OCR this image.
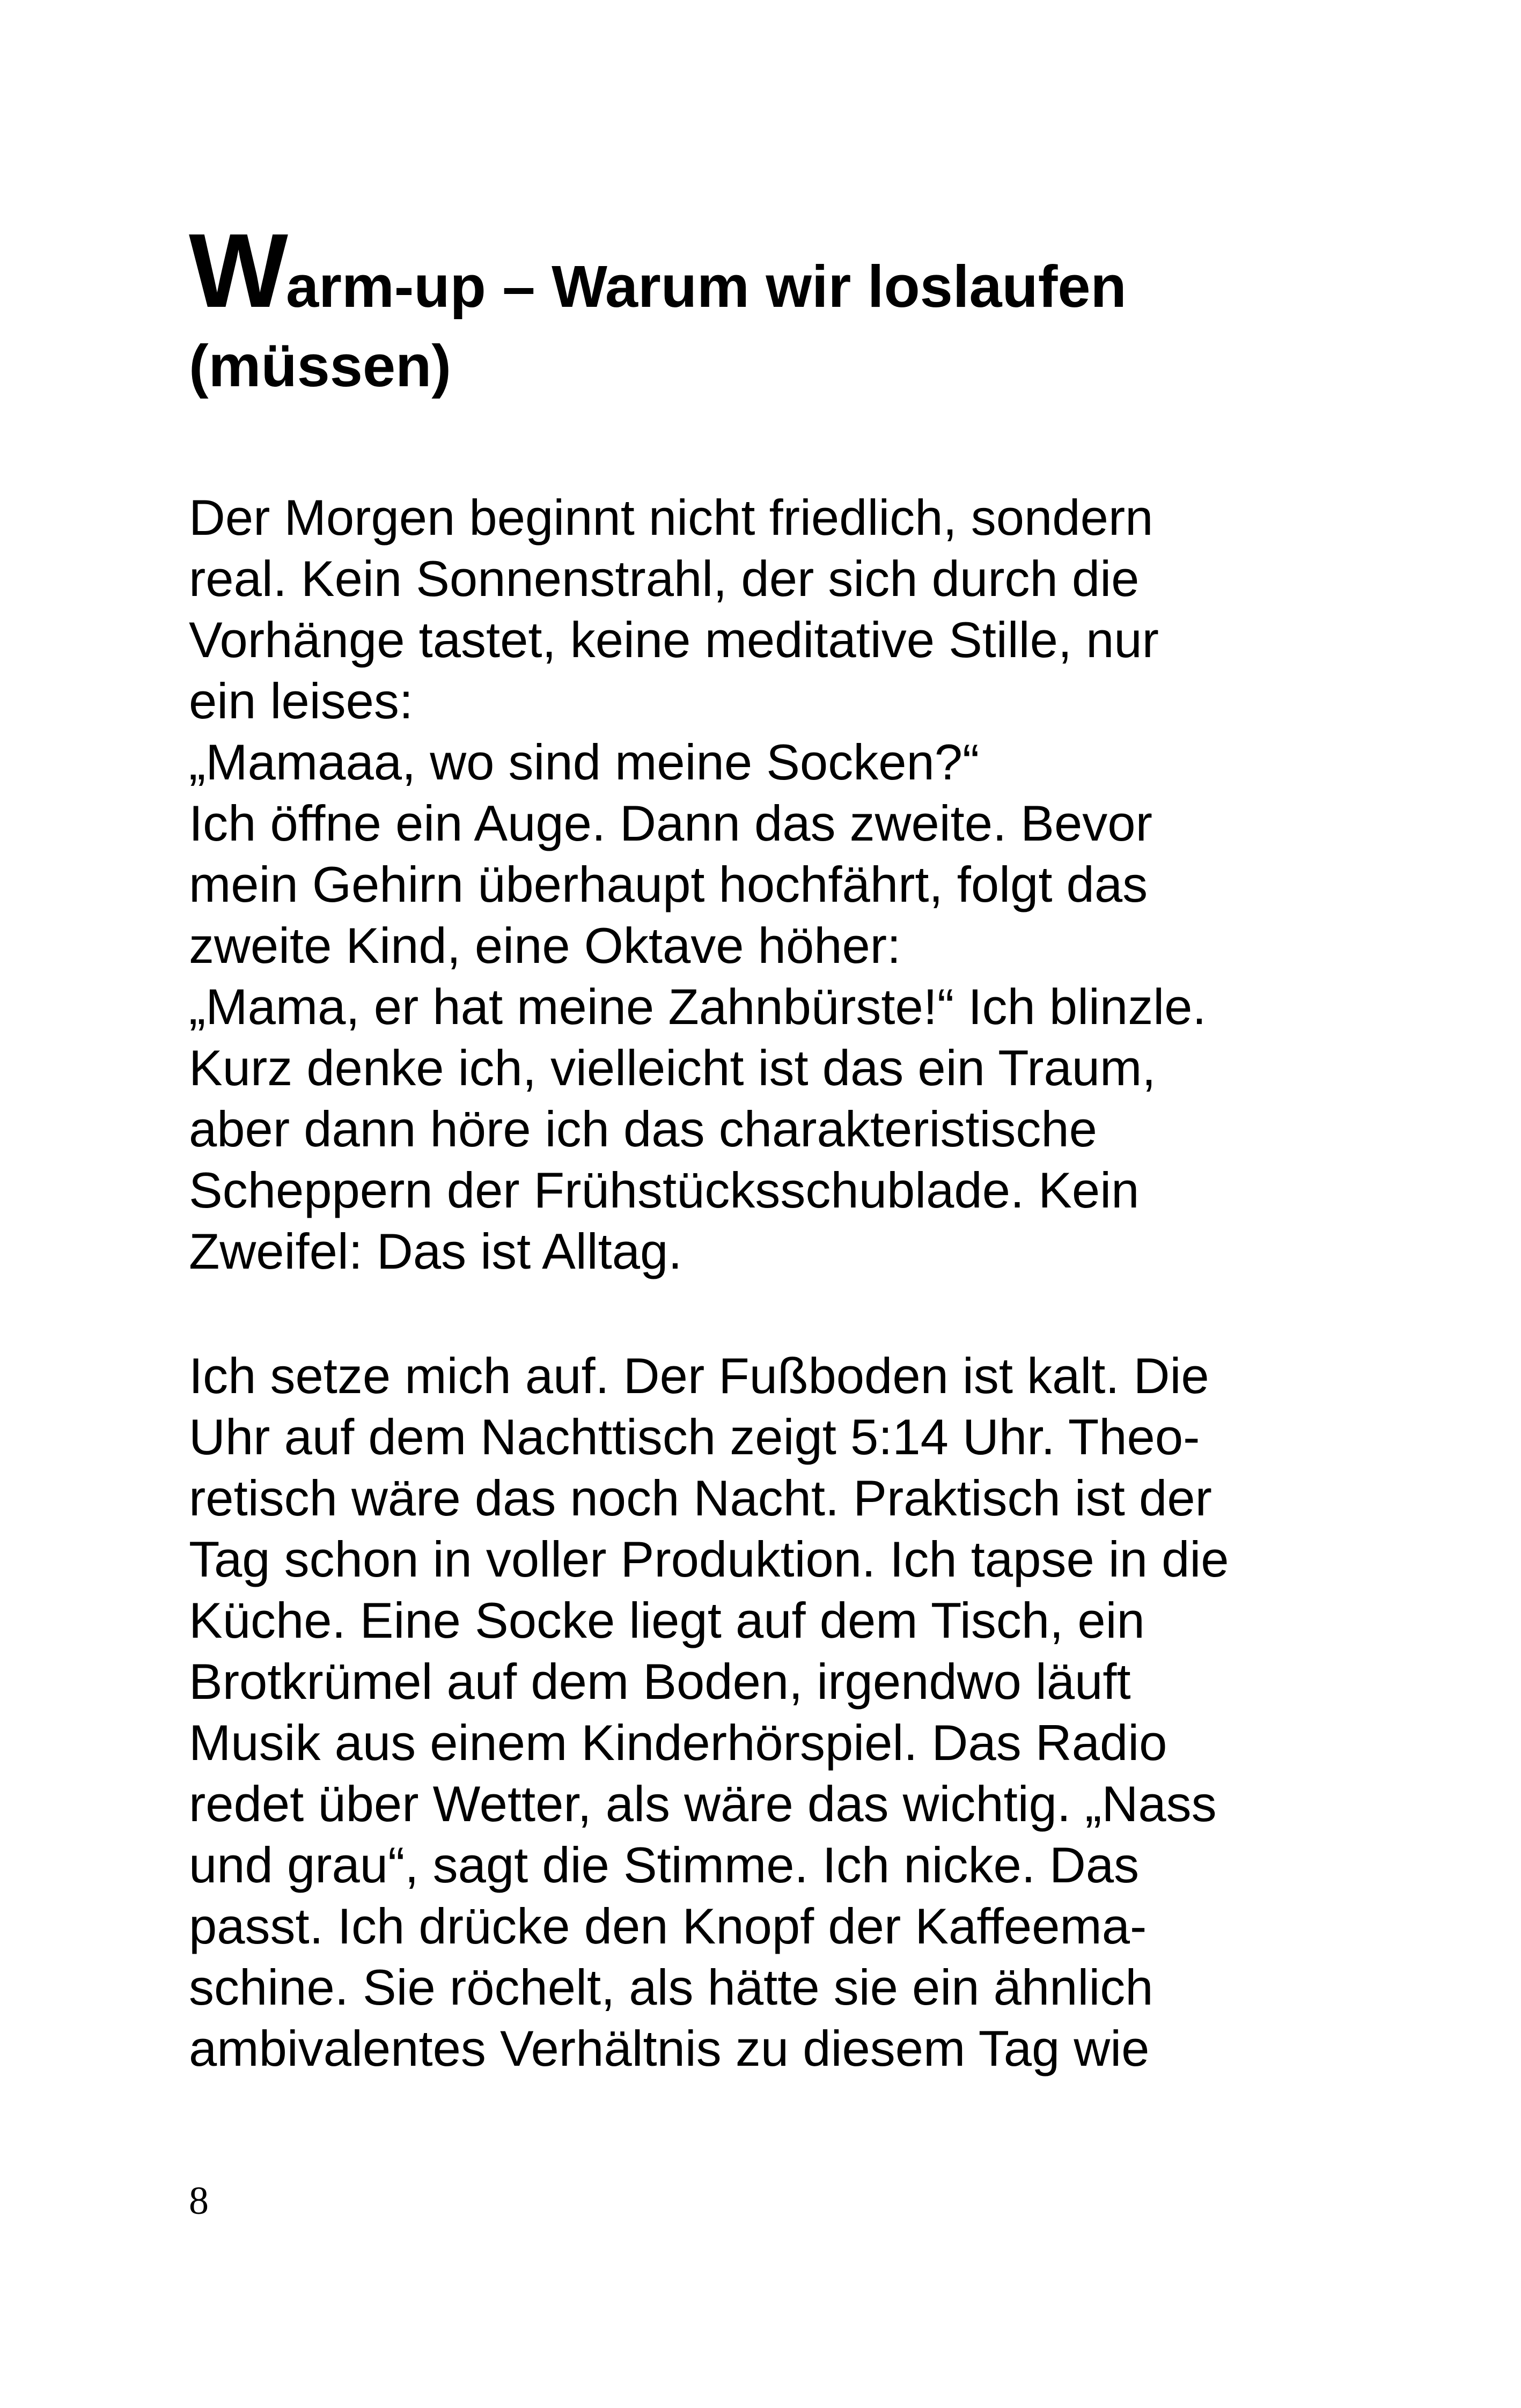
Warm-up – Warum wir loslaufen
(müssen)
Der Morgen beginnt nicht friedlich, sondern
real. Kein Sonnenstrahl, der sich durch die
Vorhänge tastet, keine meditative Stille, nur
ein leises:
„Mamaaa, wo sind meine Socken?“
Ich öffne ein Auge. Dann das zweite. Bevor
mein Gehirn überhaupt hochfährt, folgt das
zweite Kind, eine Oktave höher:
„Mama, er hat meine Zahnbürste!“ Ich blinzle.
Kurz denke ich, vielleicht ist das ein Traum,
aber dann höre ich das charakteristische
Scheppern der Frühstücksschublade. Kein
Zweifel: Das ist Alltag.
Ich setze mich auf. Der Fußboden ist kalt. Die
Uhr auf dem Nachttisch zeigt 5:14 Uhr. Theo-
retisch wäre das noch Nacht. Praktisch ist der
Tag schon in voller Produktion. Ich tapse in die
Küche. Eine Socke liegt auf dem Tisch, ein
Brotkrümel auf dem Boden, irgendwo läuft
Musik aus einem Kinderhörspiel. Das Radio
redet über Wetter, als wäre das wichtig. „Nass
und grau“, sagt die Stimme. Ich nicke. Das
passt. Ich drücke den Knopf der Kaffeema-
schine. Sie röchelt, als hätte sie ein ähnlich
ambivalentes Verhältnis zu diesem Tag wie

8
